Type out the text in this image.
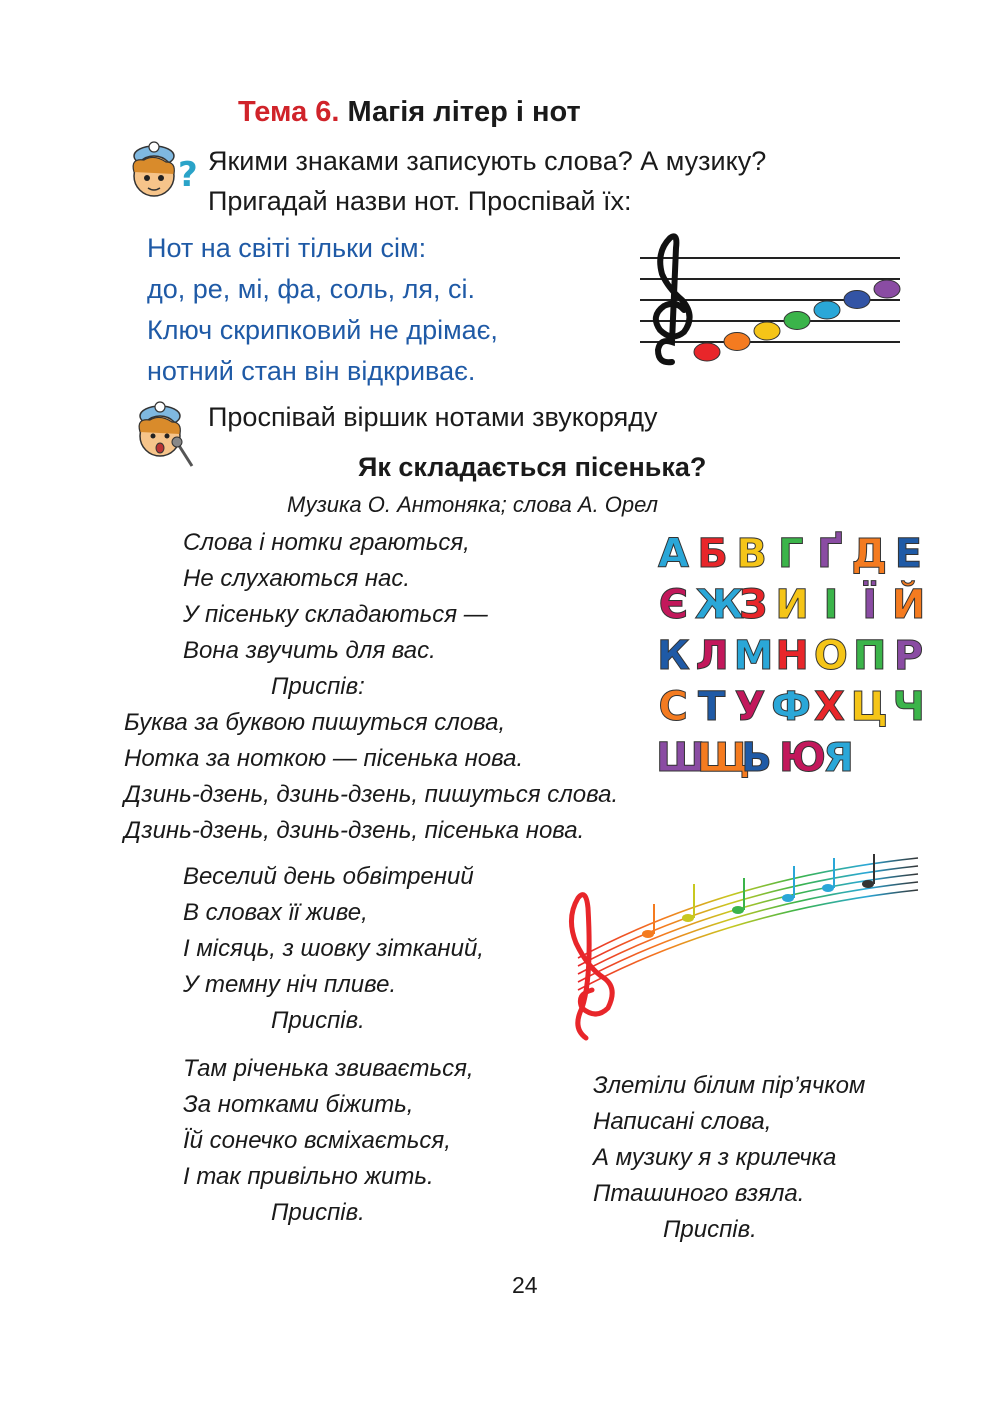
Тема 6. Магія літер і нот
? Якими знаками записують слова? А музику?
Пригадай назви нот. Проспівай їх:
Нот на світі тільки сім:
до, ре, мі, фа, соль, ля, сі.
Ключ скрипковий не дрімає,
нотний стан він відкриває.
Проспівай віршик нотами звукоряду
Як складається пісенька?
Музика О. Антоняка; слова А. Орел
Слова і нотки граються,
Не слухаються нас.
У пісеньку складаються —
Вона звучить для вас.
Приспів:
Буква за буквою пишуться слова,
Нотка за ноткою — пісенька нова.
Дзинь-дзень, дзинь-дзень, пишуться слова.
Дзинь-дзень, дзинь-дзень, пісенька нова.
А Б В Г Ґ Д Е
Є Ж
З И І Ї Й
К Л М Н О П Р
С Т У Ф Х Ц Ч
Ш
Щ
Ь Ю
Я
Веселий день обвітрений
В словах її живе,
І місяць, з шовку зітканий,
У темну ніч пливе.
Приспів.
Там річенька звивається,
За нотками біжить,
Їй сонечко всміхається,
І так привільно жить.
Приспів.
Злетіли білим пір’ячком
Написані слова,
А музику я з крилечка
Пташиного взяла.
Приспів.
24
